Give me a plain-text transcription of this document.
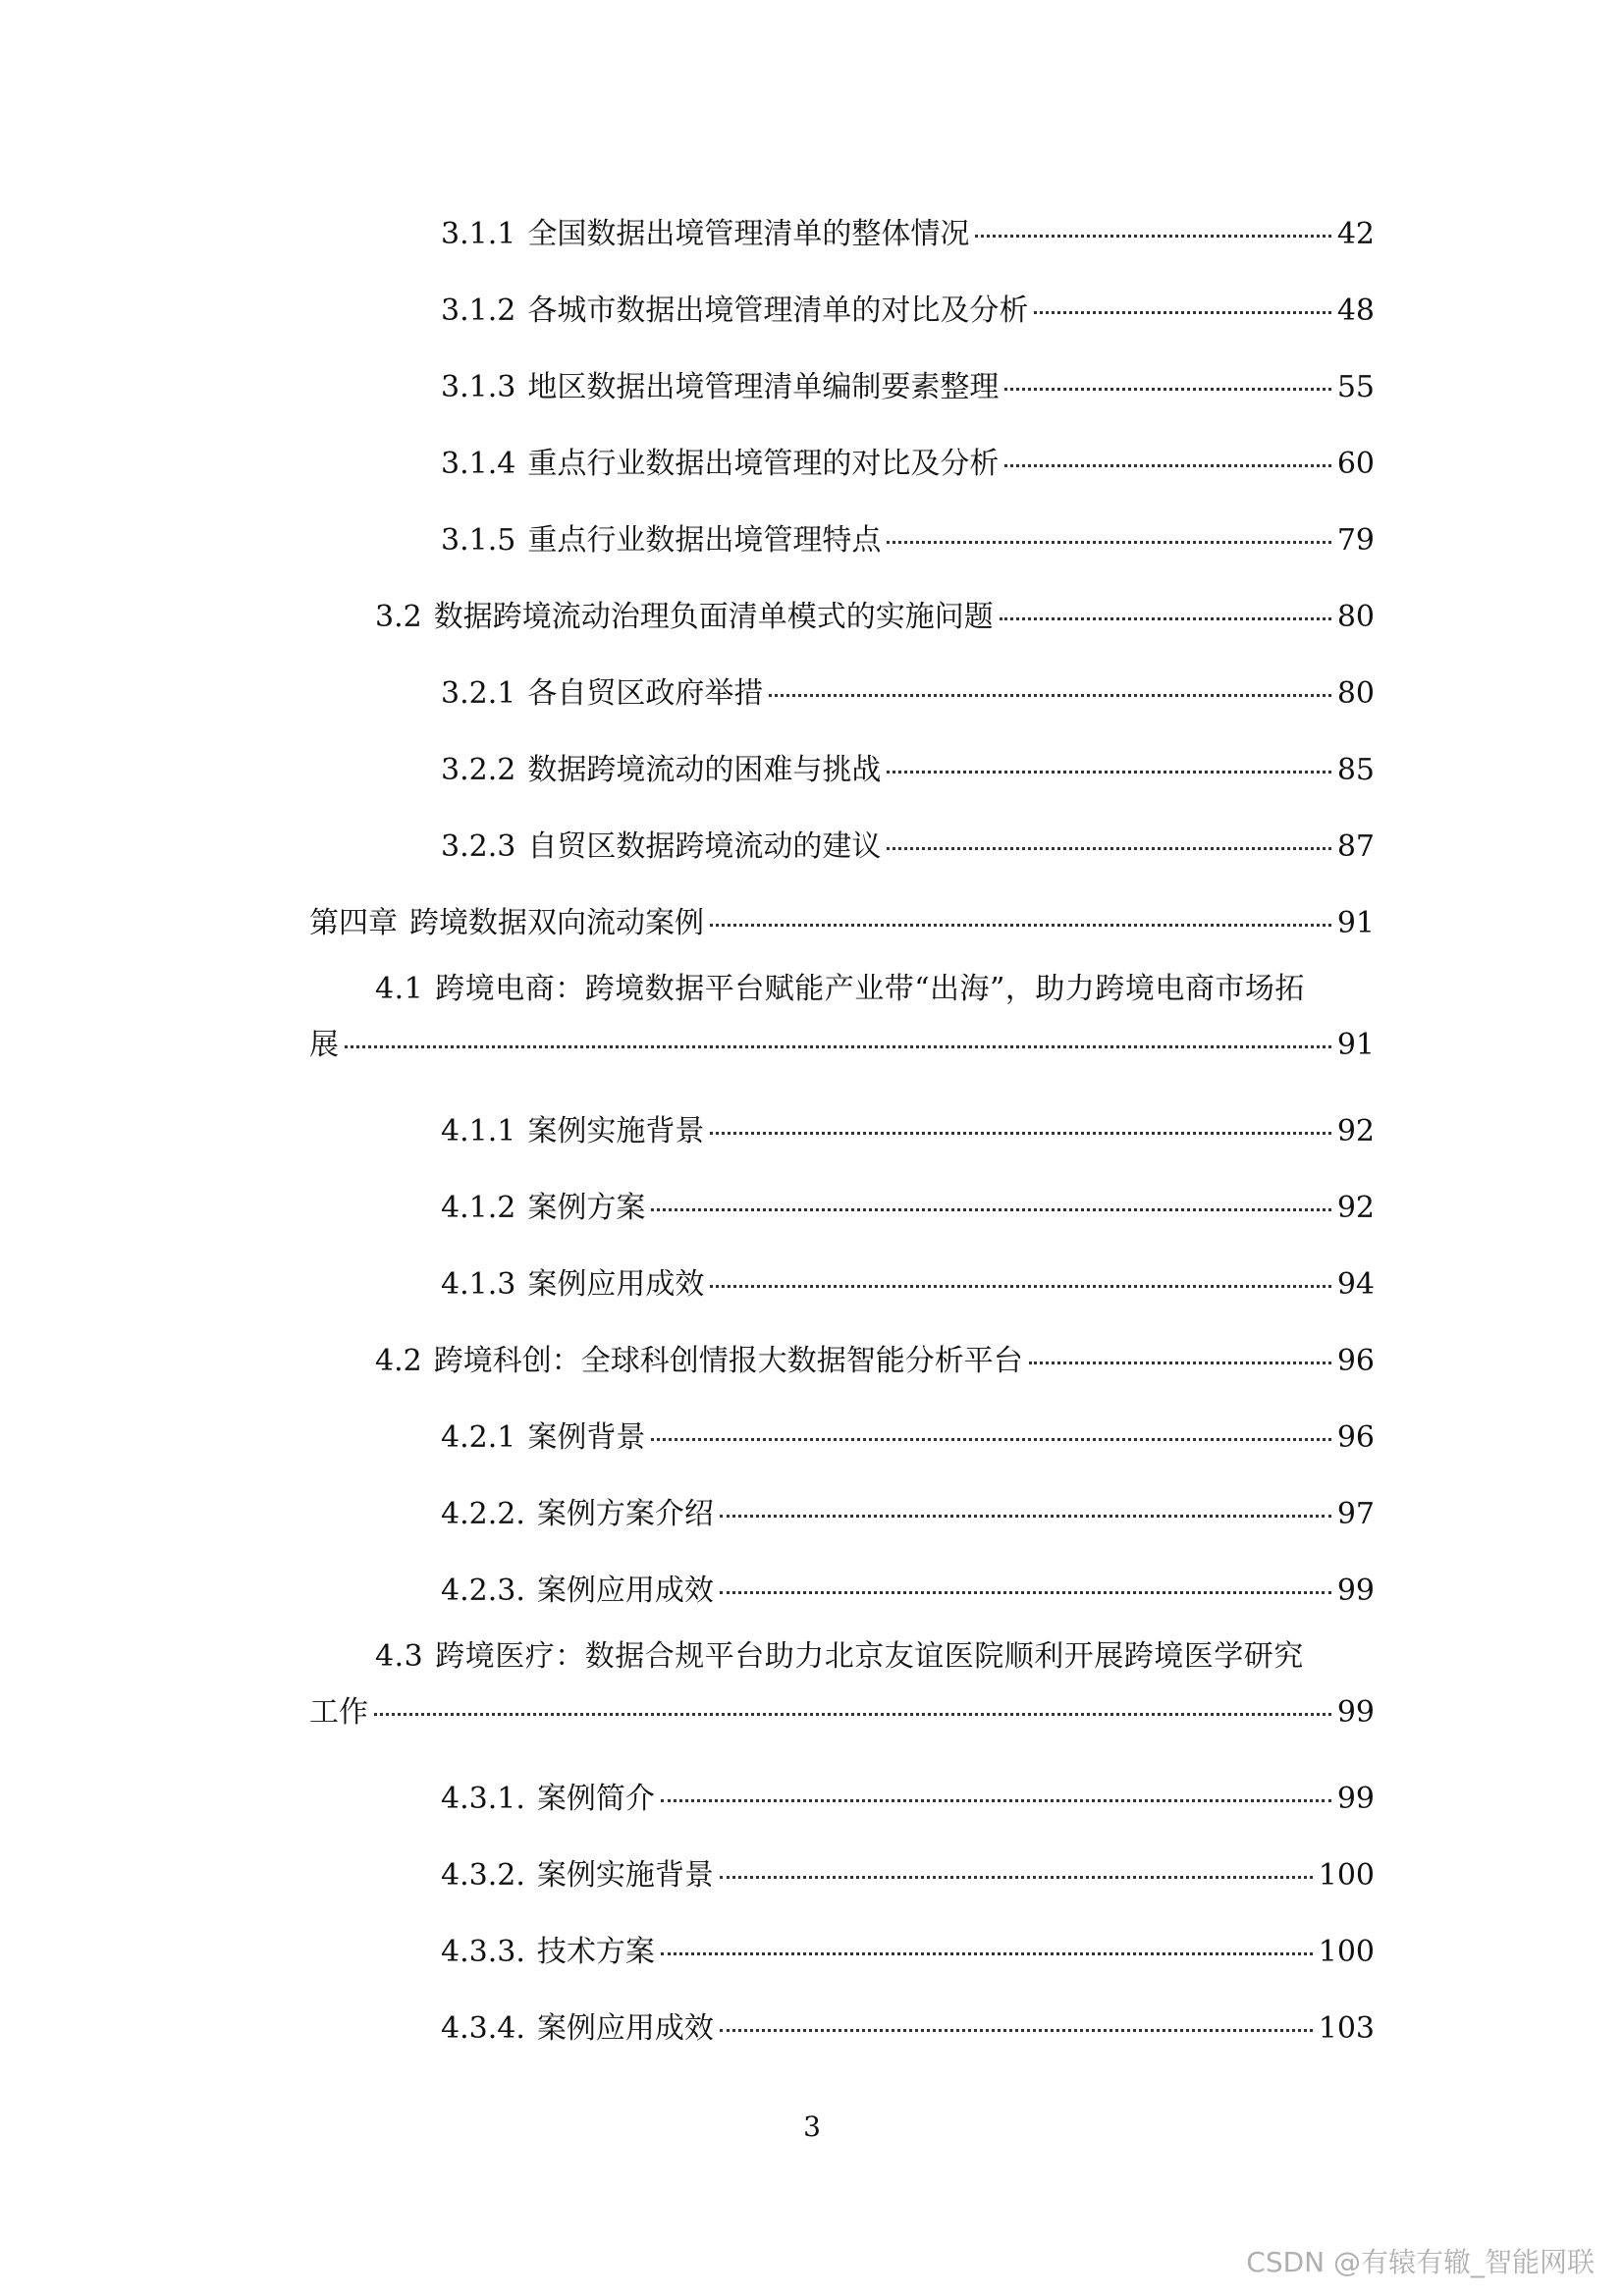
3.1.1 全国数据出境管理清单的整体情况	42
3.1.2 各城市数据出境管理清单的对比及分析	48
3.1.3 地区数据出境管理清单编制要素整理	55
3.1.4 重点行业数据出境管理的对比及分析	60
3.1.5 重点行业数据出境管理特点	79
3.2 数据跨境流动治理负面清单模式的实施问题	80
3.2.1 各自贸区政府举措	80
3.2.2 数据跨境流动的困难与挑战	85
3.2.3 自贸区数据跨境流动的建议	87
第四章 跨境数据双向流动案例	91
4.1 跨境电商：跨境数据平台赋能产业带“出海”，助力跨境电商市场拓
展	91
4.1.1 案例实施背景	92
4.1.2 案例方案	92
4.1.3 案例应用成效	94
4.2 跨境科创：全球科创情报大数据智能分析平台	96
4.2.1 案例背景	96
4.2.2. 案例方案介绍	97
4.2.3. 案例应用成效	99
4.3 跨境医疗：数据合规平台助力北京友谊医院顺利开展跨境医学研究
工作	99
4.3.1. 案例简介	99
4.3.2. 案例实施背景	100
4.3.3. 技术方案	100
4.3.4. 案例应用成效	103
3
CSDN @有辕有辙_智能网联
